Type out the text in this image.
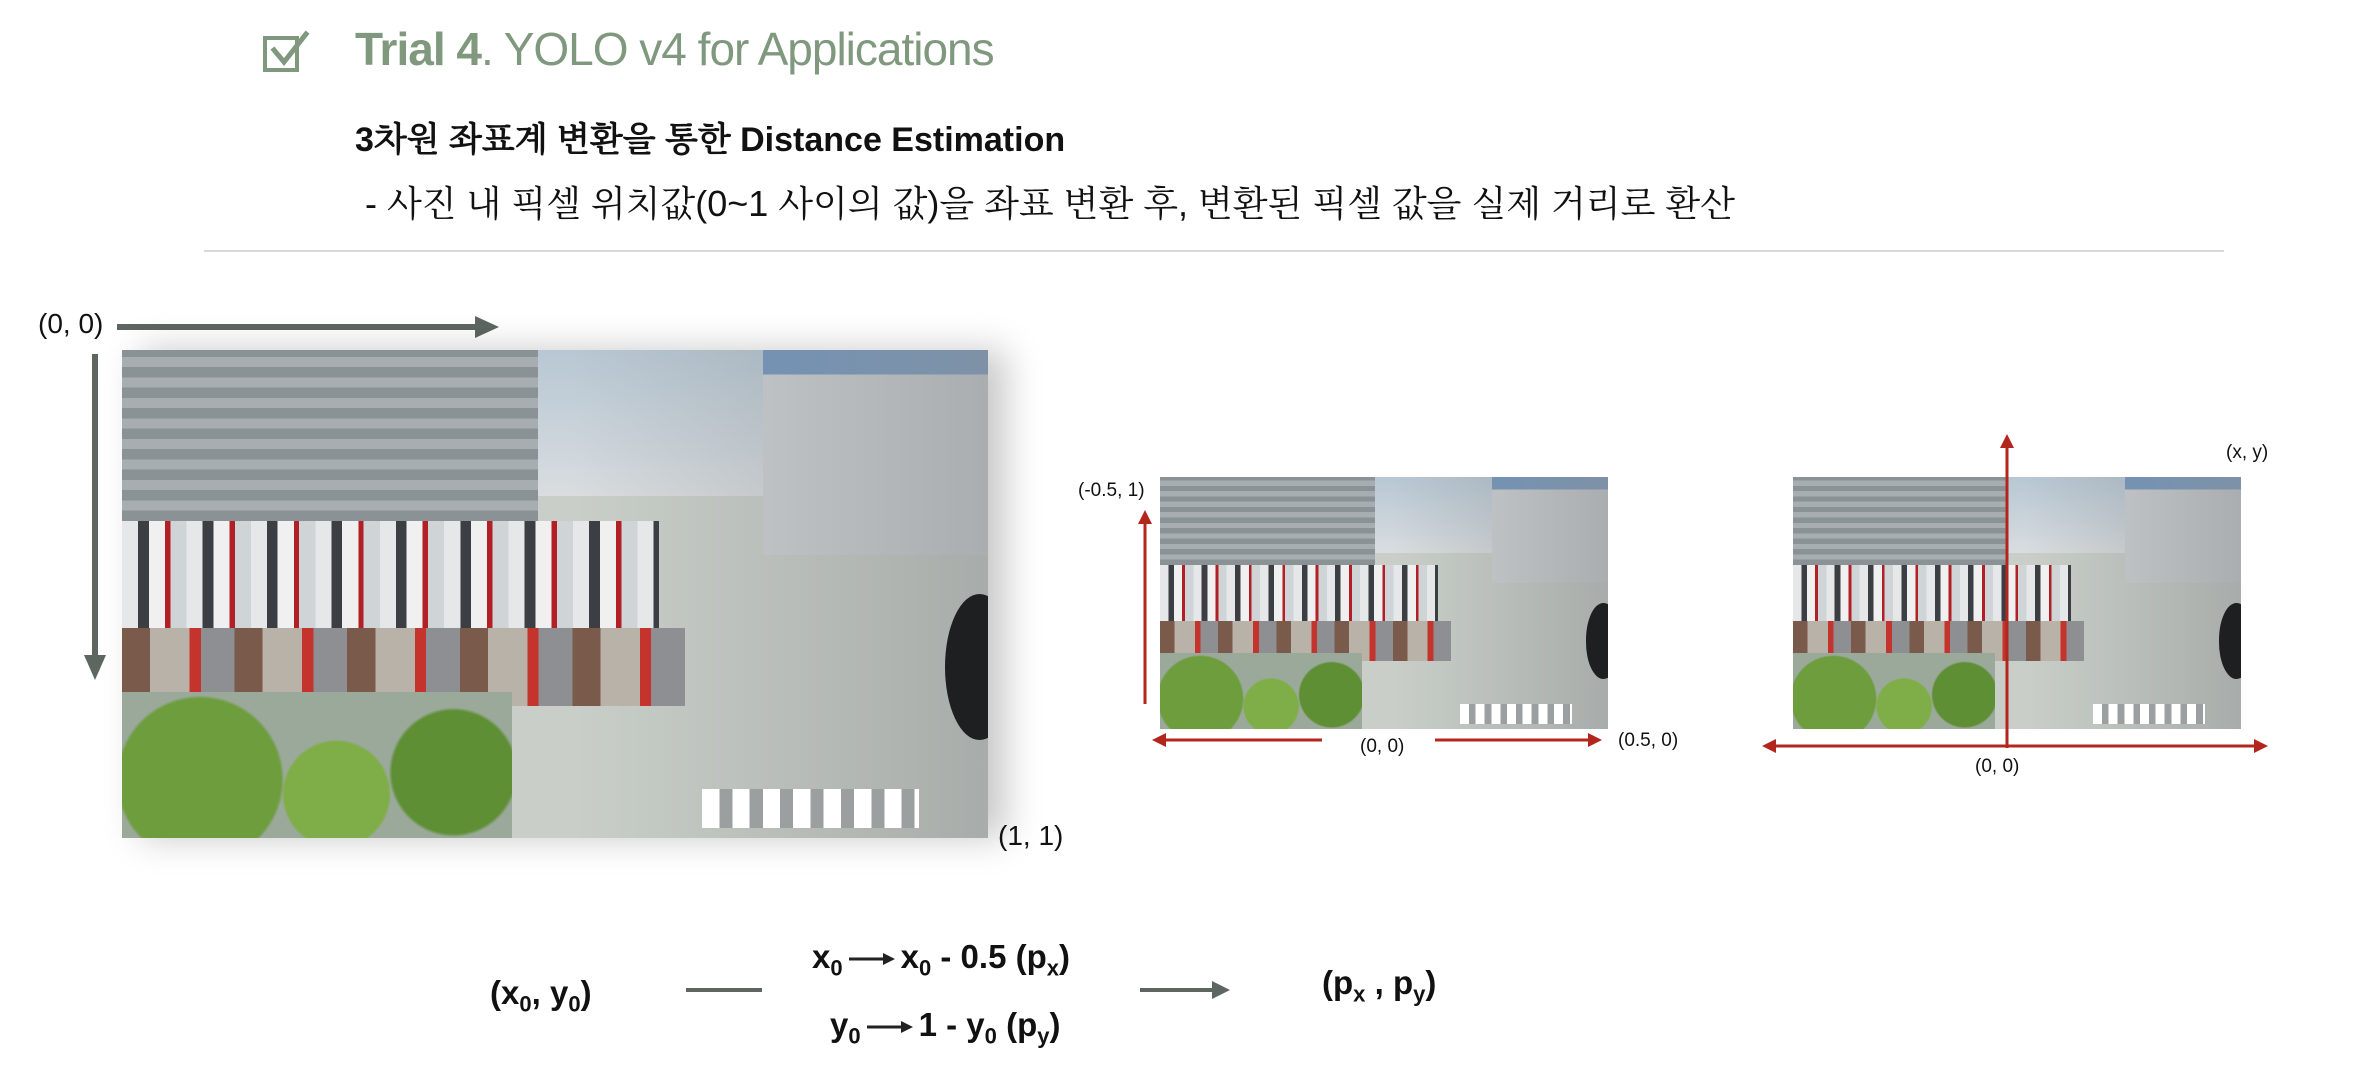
Trial 4. YOLO v4 for Applications
3차원 좌표계 변환을 통한 Distance Estimation
- 사진 내 픽셀 위치값(0~1 사이의 값)을 좌표 변환 후, 변환된 픽셀 값을 실제 거리로 환산
(0, 0)
(1, 1)
(-0.5, 1)
(0, 0)	(0.5, 0)
(0, 0)
(x, y)
($x_0$, $y_0$)
$x_0$ $x_0 - 0.5$ $(p_x)$
$y_0$ $1 - y_0$ $(p_y)$
($p_x$ , $p_y$)
